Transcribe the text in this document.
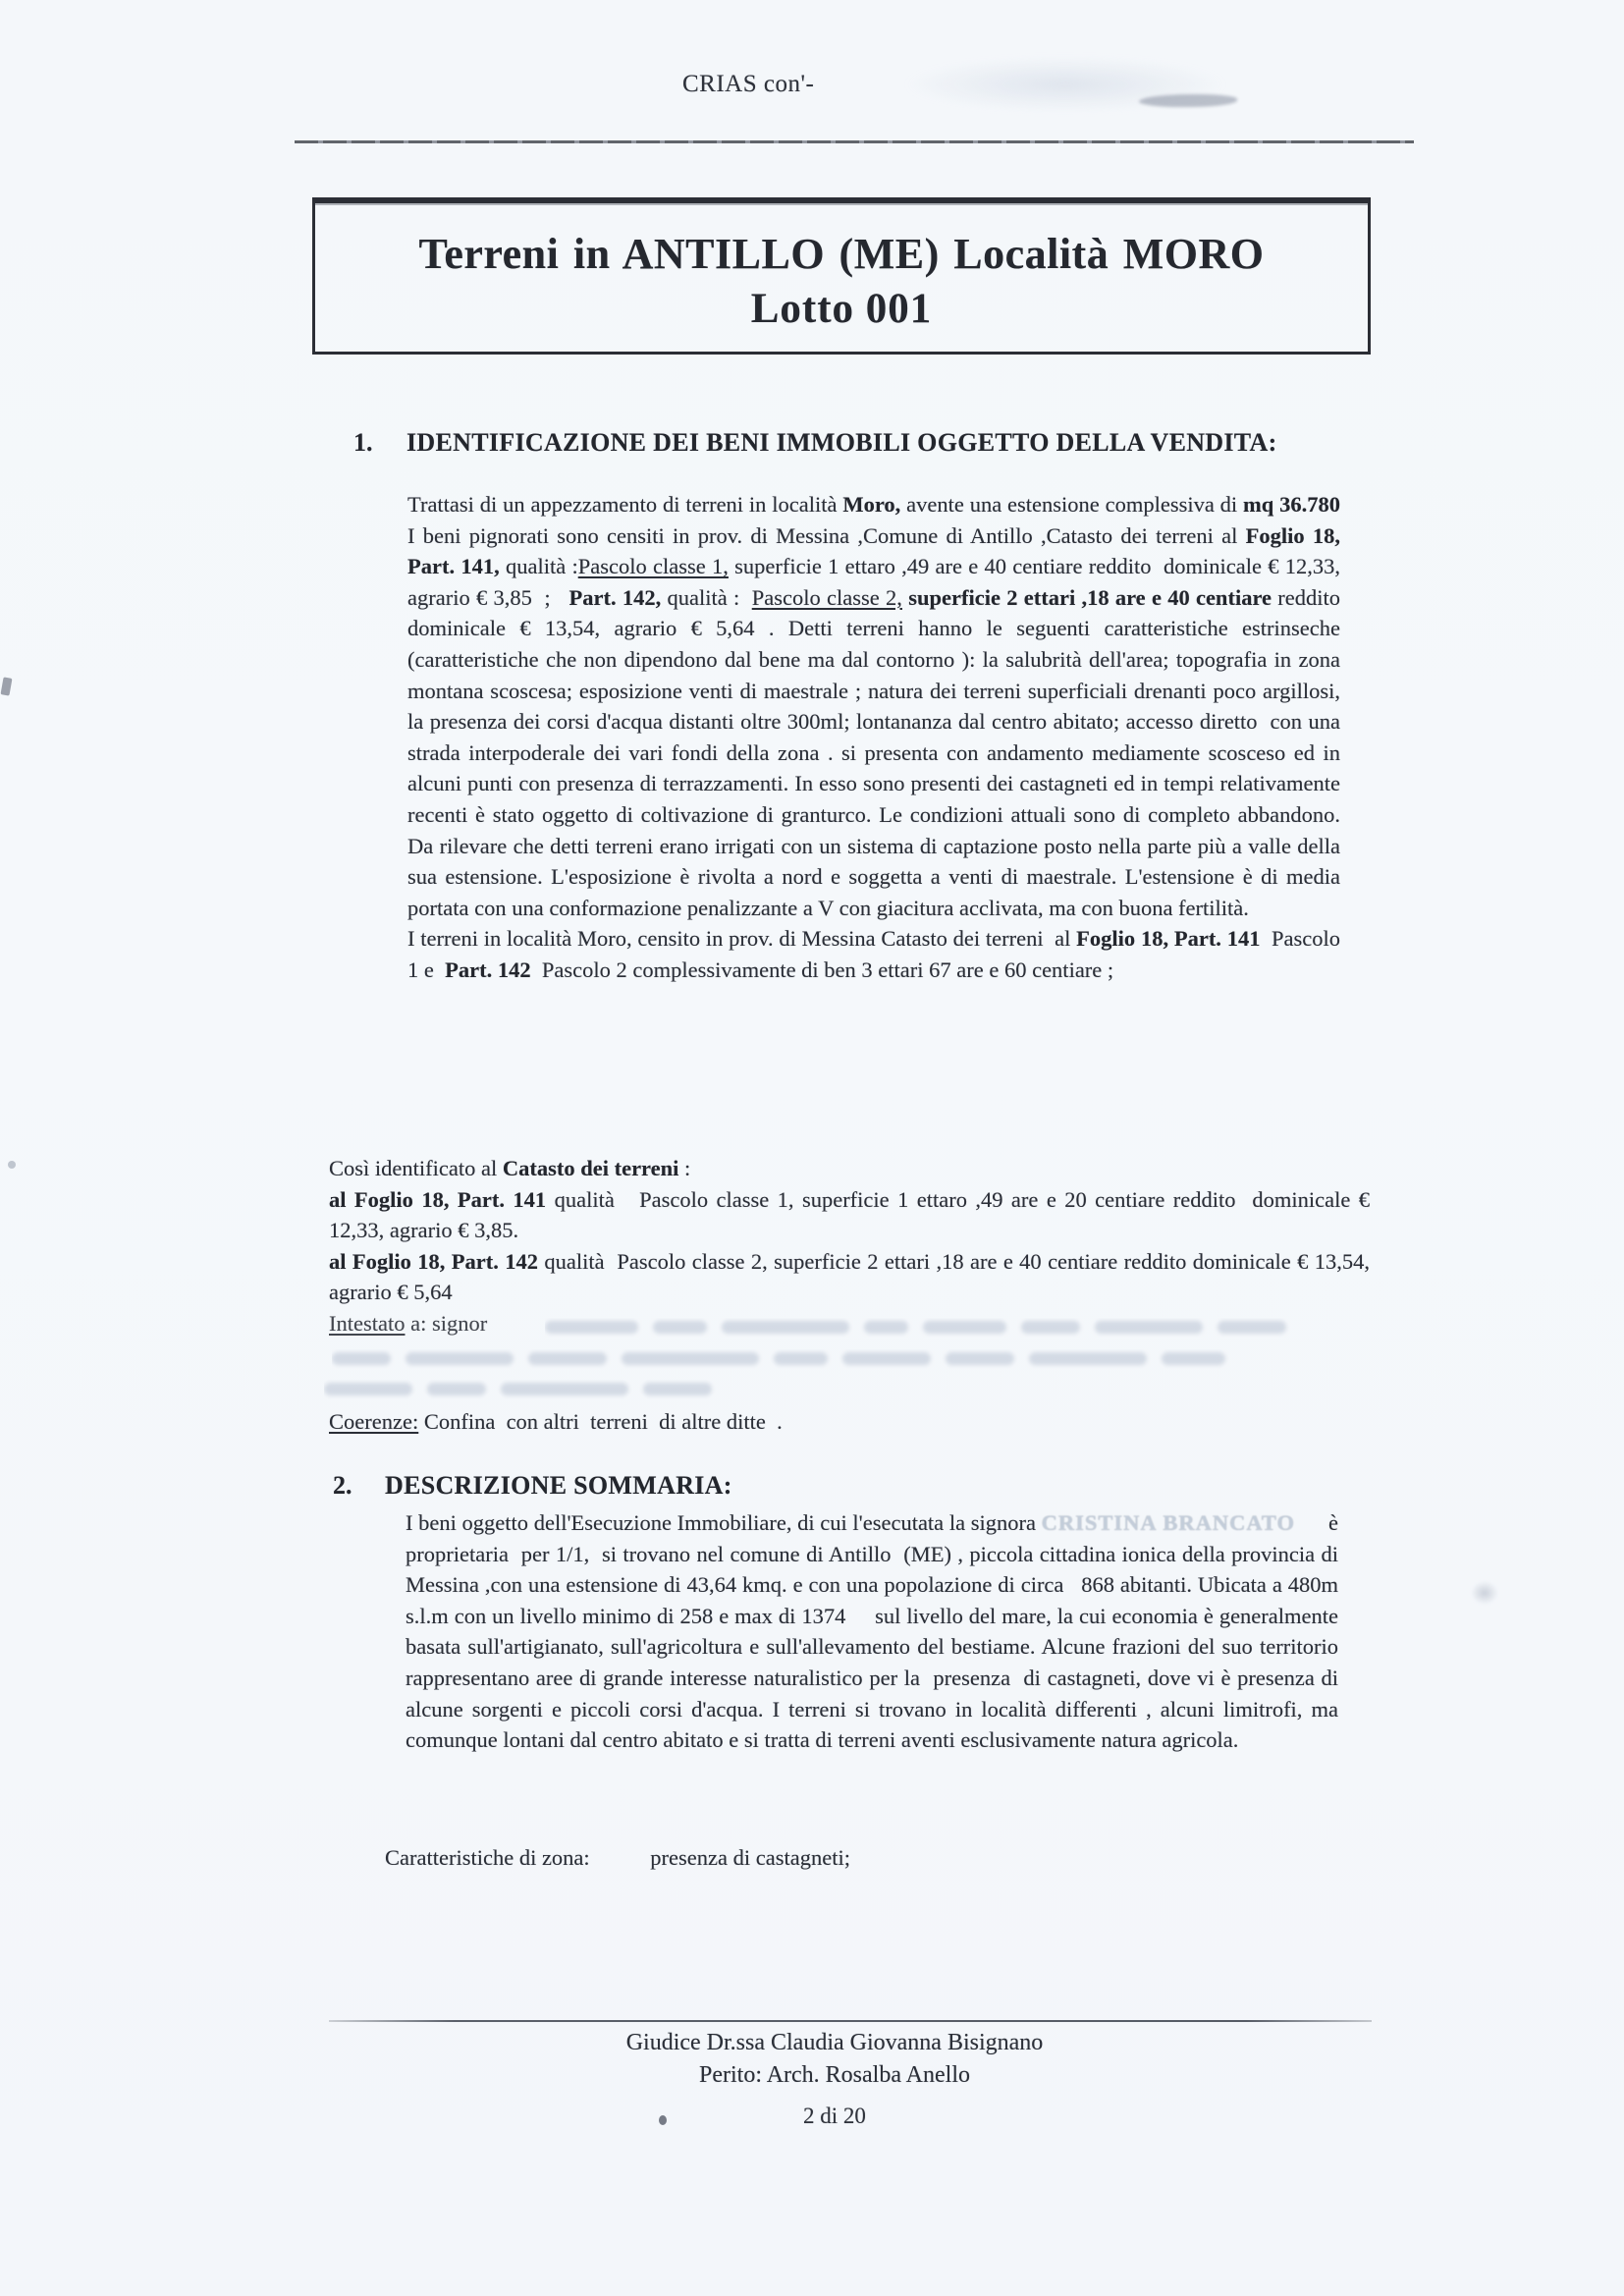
CRIAS con'-
Terreni in ANTILLO (ME) Località MORO
Lotto 001
1. IDENTIFICAZIONE DEI BENI IMMOBILI OGGETTO DELLA VENDITA:
Trattasi di un appezzamento di terreni in località Moro, avente una estensione complessiva di mq 36.780  I beni pignorati sono censiti in prov. di Messina ,Comune di Antillo ,Catasto dei terreni al Foglio 18, Part. 141, qualità :Pascolo classe 1, superficie 1 ettaro ,49 are e 40 centiare reddito  dominicale € 12,33, agrario € 3,85  ;   Part. 142, qualità :  Pascolo classe 2, superficie 2 ettari ,18 are e 40 centiare reddito  dominicale € 13,54, agrario € 5,64 . Detti terreni hanno le seguenti caratteristiche estrinseche (caratteristiche che non dipendono dal bene ma dal contorno ): la salubrità dell'area; topografia in zona montana scoscesa; esposizione venti di maestrale ; natura dei terreni superficiali drenanti poco argillosi, la presenza dei corsi d'acqua distanti oltre 300ml; lontananza dal centro abitato; accesso diretto  con una strada interpoderale dei vari fondi della zona . si presenta con andamento mediamente scosceso ed in alcuni punti con presenza di terrazzamenti. In esso sono presenti dei castagneti ed in tempi relativamente recenti è stato oggetto di coltivazione di granturco. Le condizioni attuali sono di completo abbandono. Da rilevare che detti terreni erano irrigati con un sistema di captazione posto nella parte più a valle della sua estensione. L'esposizione è rivolta a nord e soggetta a venti di maestrale. L'estensione è di media portata con una conformazione penalizzante a V con giacitura acclivata, ma con buona fertilità.
I terreni in località Moro, censito in prov. di Messina Catasto dei terreni  al Foglio 18, Part. 141  Pascolo 1 e  Part. 142  Pascolo 2 complessivamente di ben 3 ettari 67 are e 60 centiare ;
Così identificato al Catasto dei terreni :
al Foglio 18, Part. 141 qualità   Pascolo classe 1, superficie 1 ettaro ,49 are e 20 centiare reddito  dominicale € 12,33, agrario € 3,85.
al Foglio 18, Part. 142 qualità  Pascolo classe 2, superficie 2 ettari ,18 are e 40 centiare reddito dominicale € 13,54, agrario € 5,64
Intestato a: signor
Coerenze: Confina  con altri  terreni  di altre ditte  .
2. DESCRIZIONE SOMMARIA:
I beni oggetto dell'Esecuzione Immobiliare, di cui l'esecutata la signora CRISTINA BRANCATO      è     proprietaria  per 1/1,  si trovano nel comune di Antillo  (ME) , piccola cittadina ionica della provincia di Messina ,con una estensione di 43,64 kmq. e con una popolazione di circa   868 abitanti. Ubicata a 480m s.l.m con un livello minimo di 258 e max di 1374     sul livello del mare, la cui economia è generalmente basata sull'artigianato, sull'agricoltura e sull'allevamento del bestiame. Alcune frazioni del suo territorio rappresentano aree di grande interesse naturalistico per la  presenza  di castagneti, dove vi è presenza di alcune sorgenti e piccoli corsi d'acqua. I terreni si trovano in località differenti , alcuni limitrofi, ma comunque lontani dal centro abitato e si tratta di terreni aventi esclusivamente natura agricola.
Caratteristiche di zona:	presenza di castagneti;
Giudice Dr.ssa Claudia Giovanna Bisignano
Perito: Arch. Rosalba Anello
2 di 20
